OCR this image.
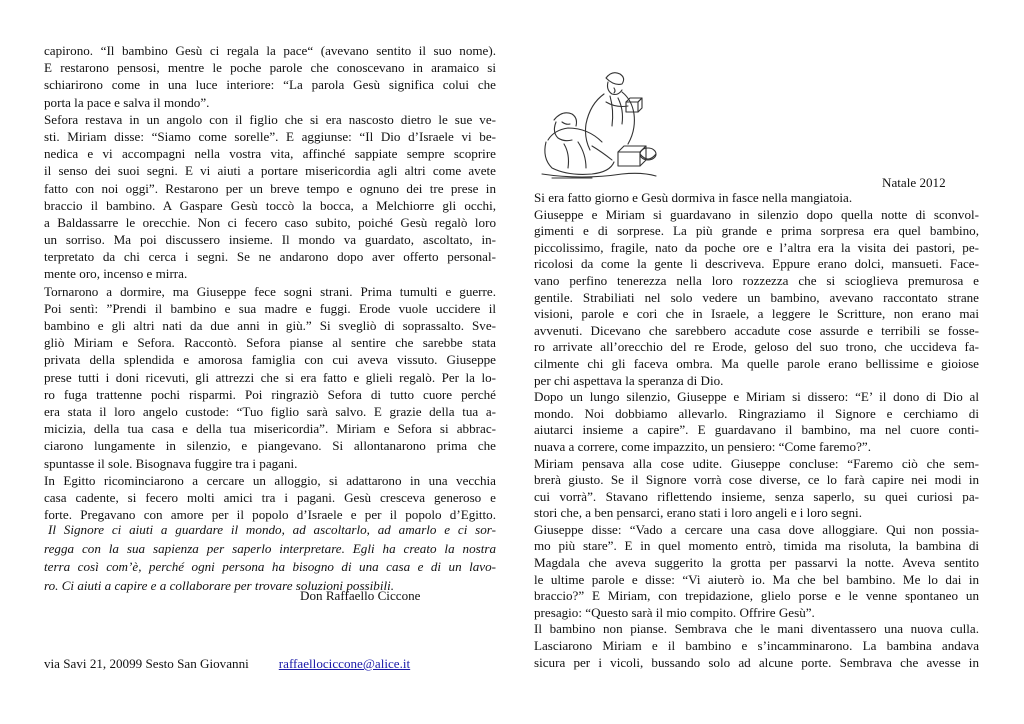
capirono. “Il bambino Gesù ci regala la pace“ (avevano sentito il suo nome).
E restarono pensosi, mentre le poche parole che conoscevano in aramaico si
schiarirono come in una luce interiore: “La parola Gesù significa colui che
porta la pace e salva il mondo”.
Sefora restava in un angolo con il figlio che si era nascosto dietro le sue ve-
sti. Miriam disse: “Siamo come sorelle”. E aggiunse: “Il Dio d’Israele vi be-
nedica e vi accompagni nella vostra vita, affinché sappiate sempre scoprire
il senso dei suoi segni. E vi aiuti a portare misericordia agli altri come avete
fatto con noi oggi”. Restarono per un breve tempo e ognuno dei tre prese in
braccio il bambino. A Gaspare Gesù toccò la bocca, a Melchiorre gli occhi,
a Baldassarre le orecchie. Non ci fecero caso subito, poiché Gesù regalò loro
un sorriso. Ma poi discussero insieme. Il mondo va guardato, ascoltato, in-
terpretato da chi cerca i segni. Se ne andarono dopo aver offerto personal-
mente oro, incenso e mirra.
Tornarono a dormire, ma Giuseppe fece sogni strani. Prima tumulti e guerre.
Poi sentì: ”Prendi il bambino e sua madre e fuggi. Erode vuole uccidere il
bambino e gli altri nati da due anni in giù.” Si svegliò di soprassalto. Sve-
gliò Miriam e Sefora. Raccontò. Sefora pianse al sentire che sarebbe stata
privata della splendida e amorosa famiglia con cui aveva vissuto. Giuseppe
prese tutti i doni ricevuti, gli attrezzi che si era fatto e glieli regalò. Per la lo-
ro fuga trattenne pochi risparmi. Poi ringraziò Sefora di tutto cuore perché
era stata il loro angelo custode: “Tuo figlio sarà salvo. E grazie della tua a-
micizia, della tua casa e della tua misericordia”. Miriam e Sefora si abbrac-
ciarono lungamente in silenzio, e piangevano. Si allontanarono prima che
spuntasse il sole. Bisognava fuggire tra i pagani.
In Egitto ricominciarono a cercare un alloggio, si adattarono in una vecchia
casa cadente, si fecero molti amici tra i pagani. Gesù cresceva generoso e
forte. Pregavano con amore per il popolo d’Israele e per il popolo d’Egitto.
Il Signore ci aiuti a guardare il mondo, ad ascoltarlo, ad amarlo e ci sor-
regga con la sua sapienza per saperlo interpretare. Egli ha creato la nostra
terra così com’è, perché ogni persona ha bisogno di una casa e di un lavo-
ro. Ci aiuti a capire e a collaborare per trovare soluzioni possibili.
Don Raffaello Ciccone
via Savi 21, 20099 Sesto San Giovanni raffaellociccone@alice.it
Natale 2012
Si era fatto giorno e Gesù dormiva in fasce nella mangiatoia.
Giuseppe e Miriam si guardavano in silenzio dopo quella notte di sconvol-
gimenti e di sorprese. La più grande e prima sorpresa era quel bambino,
piccolissimo, fragile, nato da poche ore e l’altra era la visita dei pastori, pe-
ricolosi da come la gente li descriveva. Eppure erano dolci, mansueti. Face-
vano perfino tenerezza nella loro rozzezza che si scioglieva premurosa e
gentile. Strabiliati nel solo vedere un bambino, avevano raccontato strane
visioni, parole e cori che in Israele, a leggere le Scritture, non erano mai
avvenuti. Dicevano che sarebbero accadute cose assurde e terribili se fosse-
ro arrivate all’orecchio del re Erode, geloso del suo trono, che uccideva fa-
cilmente chi gli faceva ombra. Ma quelle parole erano bellissime e gioiose
per chi aspettava la speranza di Dio.
Dopo un lungo silenzio, Giuseppe e Miriam si dissero: “E’ il dono di Dio al
mondo. Noi dobbiamo allevarlo. Ringraziamo il Signore e cerchiamo di
aiutarci insieme a capire”. E guardavano il bambino, ma nel cuore conti-
nuava a correre, come impazzito, un pensiero: “Come faremo?”.
Miriam pensava alla cose udite. Giuseppe concluse: “Faremo ciò che sem-
brerà giusto. Se il Signore vorrà cose diverse, ce lo farà capire nei modi in
cui vorrà”. Stavano riflettendo insieme, senza saperlo, su quei curiosi pa-
stori che, a ben pensarci, erano stati i loro angeli e i loro segni.
Giuseppe disse: “Vado a cercare una casa dove alloggiare. Qui non possia-
mo più stare”. E in quel momento entrò, timida ma risoluta, la bambina di
Magdala che aveva suggerito la grotta per passarvi la notte. Aveva sentito
le ultime parole e disse: “Vi aiuterò io. Ma che bel bambino. Me lo dai in
braccio?” E Miriam, con trepidazione, glielo porse e le venne spontaneo un
presagio: “Questo sarà il mio compito. Offrire Gesù”.
Il bambino non pianse. Sembrava che le mani diventassero una nuova culla.
Lasciarono Miriam e il bambino e s’incamminarono. La bambina andava
sicura per i vicoli, bussando solo ad alcune porte. Sembrava che avesse in
